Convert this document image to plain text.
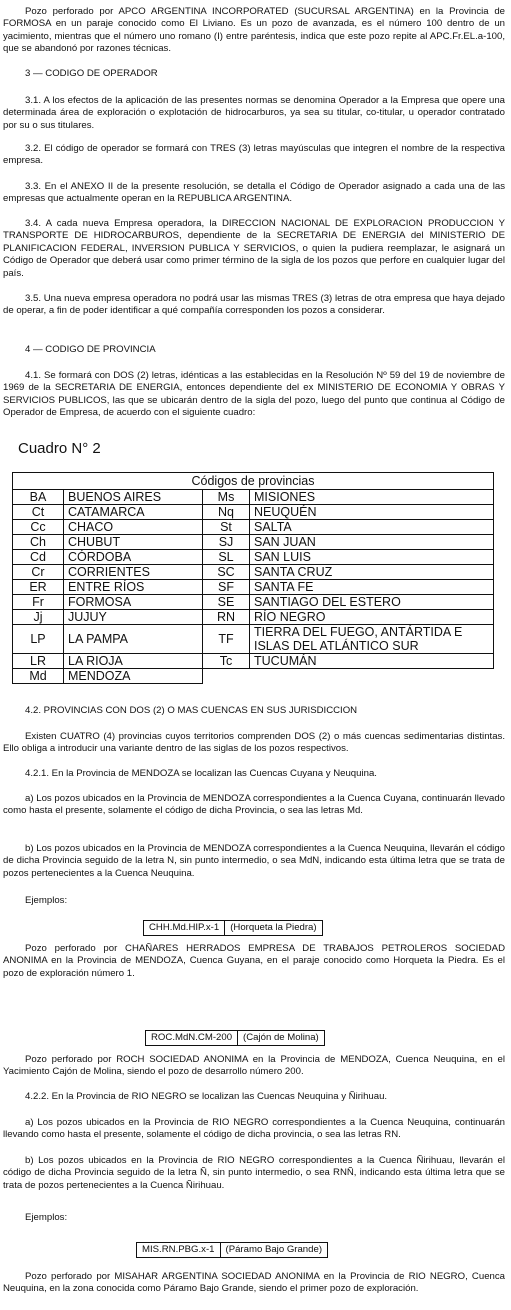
Pozo perforado por APCO ARGENTINA INCORPORATED (SUCURSAL ARGENTINA) en la Provincia de FORMOSA en un paraje conocido como El Liviano. Es un pozo de avanzada, es el número 100 dentro de un yacimiento, mientras que el número uno romano (I) entre paréntesis, indica que este pozo repite al APC.Fr.EL.a-100, que se abandonó por razones técnicas.

3 — CODIGO DE OPERADOR

3.1. A los efectos de la aplicación de las presentes normas se denomina Operador a la Empresa que opere una determinada área de exploración o explotación de hidrocarburos, ya sea su titular, co-titular, u operador contratado por su o sus titulares.

3.2. El código de operador se formará con TRES (3) letras mayúsculas que integren el nombre de la respectiva empresa.

3.3. En el ANEXO II de la presente resolución, se detalla el Código de Operador asignado a cada una de las empresas que actualmente operan en la REPUBLICA ARGENTINA.

3.4. A cada nueva Empresa operadora, la DIRECCION NACIONAL DE EXPLORACION PRODUCCION Y TRANSPORTE DE HIDROCARBUROS, dependiente de la SECRETARIA DE ENERGIA del MINISTERIO DE PLANIFICACION FEDERAL, INVERSION PUBLICA Y SERVICIOS, o quien la pudiera reemplazar, le asignará un Código de Operador que deberá usar como primer término de la sigla de los pozos que perfore en cualquier lugar del país.

3.5. Una nueva empresa operadora no podrá usar las mismas TRES (3) letras de otra empresa que haya dejado de operar, a fin de poder identificar a qué compañía corresponden los pozos a considerar.

4 — CODIGO DE PROVINCIA

4.1. Se formará con DOS (2) letras, idénticas a las establecidas en la Resolución Nº 59 del 19 de noviembre de 1969 de la SECRETARIA DE ENERGIA, entonces dependiente del ex MINISTERIO DE ECONOMIA Y OBRAS Y SERVICIOS PUBLICOS, las que se ubicarán dentro de la sigla del pozo, luego del punto que continua al Código de Operador de Empresa, de acuerdo con el siguiente cuadro:

Cuadro N° 2
Códigos de provincias			
BA	BUENOS AIRES	Ms	MISIONES
Ct	CATAMARCA	Nq	NEUQUÉN
Cc	CHACO	St	SALTA
Ch	CHUBUT	SJ	SAN JUAN
Cd	CÓRDOBA	SL	SAN LUIS
Cr	CORRIENTES	SC	SANTA CRUZ
ER	ENTRE RÍOS	SF	SANTA FE
Fr	FORMOSA	SE	SANTIAGO DEL ESTERO
Jj	JUJUY	RN	RÍO NEGRO
LP	LA PAMPA	TF	TIERRA DEL FUEGO, ANTÁRTIDA E ISLAS DEL ATLÁNTICO SUR
LR	LA RIOJA	Tc	TUCUMÁN
Md	MENDOZA		

4.2. PROVINCIAS CON DOS (2) O MAS CUENCAS EN SUS JURISDICCION

Existen CUATRO (4) provincias cuyos territorios comprenden DOS (2) o más cuencas sedimentarias distintas. Ello obliga a introducir una variante dentro de las siglas de los pozos respectivos.

4.2.1. En la Provincia de MENDOZA se localizan las Cuencas Cuyana y Neuquina.

a) Los pozos ubicados en la Provincia de MENDOZA correspondientes a la Cuenca Cuyana, continuarán llevado como hasta el presente, solamente el código de dicha Provincia, o sea las letras Md.

b) Los pozos ubicados en la Provincia de MENDOZA correspondientes a la Cuenca Neuquina, llevarán el código de dicha Provincia seguido de la letra N, sin punto intermedio, o sea MdN, indicando esta última letra que se trata de pozos pertenecientes a la Cuenca Neuquina.

Ejemplos:

CHH.Md.HIP.x-1	(Horqueta la Piedra)

Pozo perforado por CHAÑARES HERRADOS EMPRESA DE TRABAJOS PETROLEROS SOCIEDAD ANONIMA en la Provincia de MENDOZA, Cuenca Guyana, en el paraje conocido como Horqueta la Piedra. Es el pozo de exploración número 1.

ROC.MdN.CM-200	(Cajón de Molina)

Pozo perforado por ROCH SOCIEDAD ANONIMA en la Provincia de MENDOZA, Cuenca Neuquina, en el Yacimiento Cajón de Molina, siendo el pozo de desarrollo número 200.

4.2.2. En la Provincia de RIO NEGRO se localizan las Cuencas Neuquina y Ñirihuau.

a) Los pozos ubicados en la Provincia de RIO NEGRO correspondientes a la Cuenca Neuquina, continuarán llevando como hasta el presente, solamente el código de dicha provincia, o sea las letras RN.

b) Los pozos ubicados en la Provincia de RIO NEGRO correspondientes a la Cuenca Ñirihuau, llevarán el código de dicha Provincia seguido de la letra Ñ, sin punto intermedio, o sea RNÑ, indicando esta última letra que se trata de pozos pertenecientes a la Cuenca Ñirihuau.

Ejemplos:

MIS.RN.PBG.x-1	(Páramo Bajo Grande)

Pozo perforado por MISAHAR ARGENTINA SOCIEDAD ANONIMA en la Provincia de RIO NEGRO, Cuenca Neuquina, en la zona conocida como Páramo Bajo Grande, siendo el primer pozo de exploración.
